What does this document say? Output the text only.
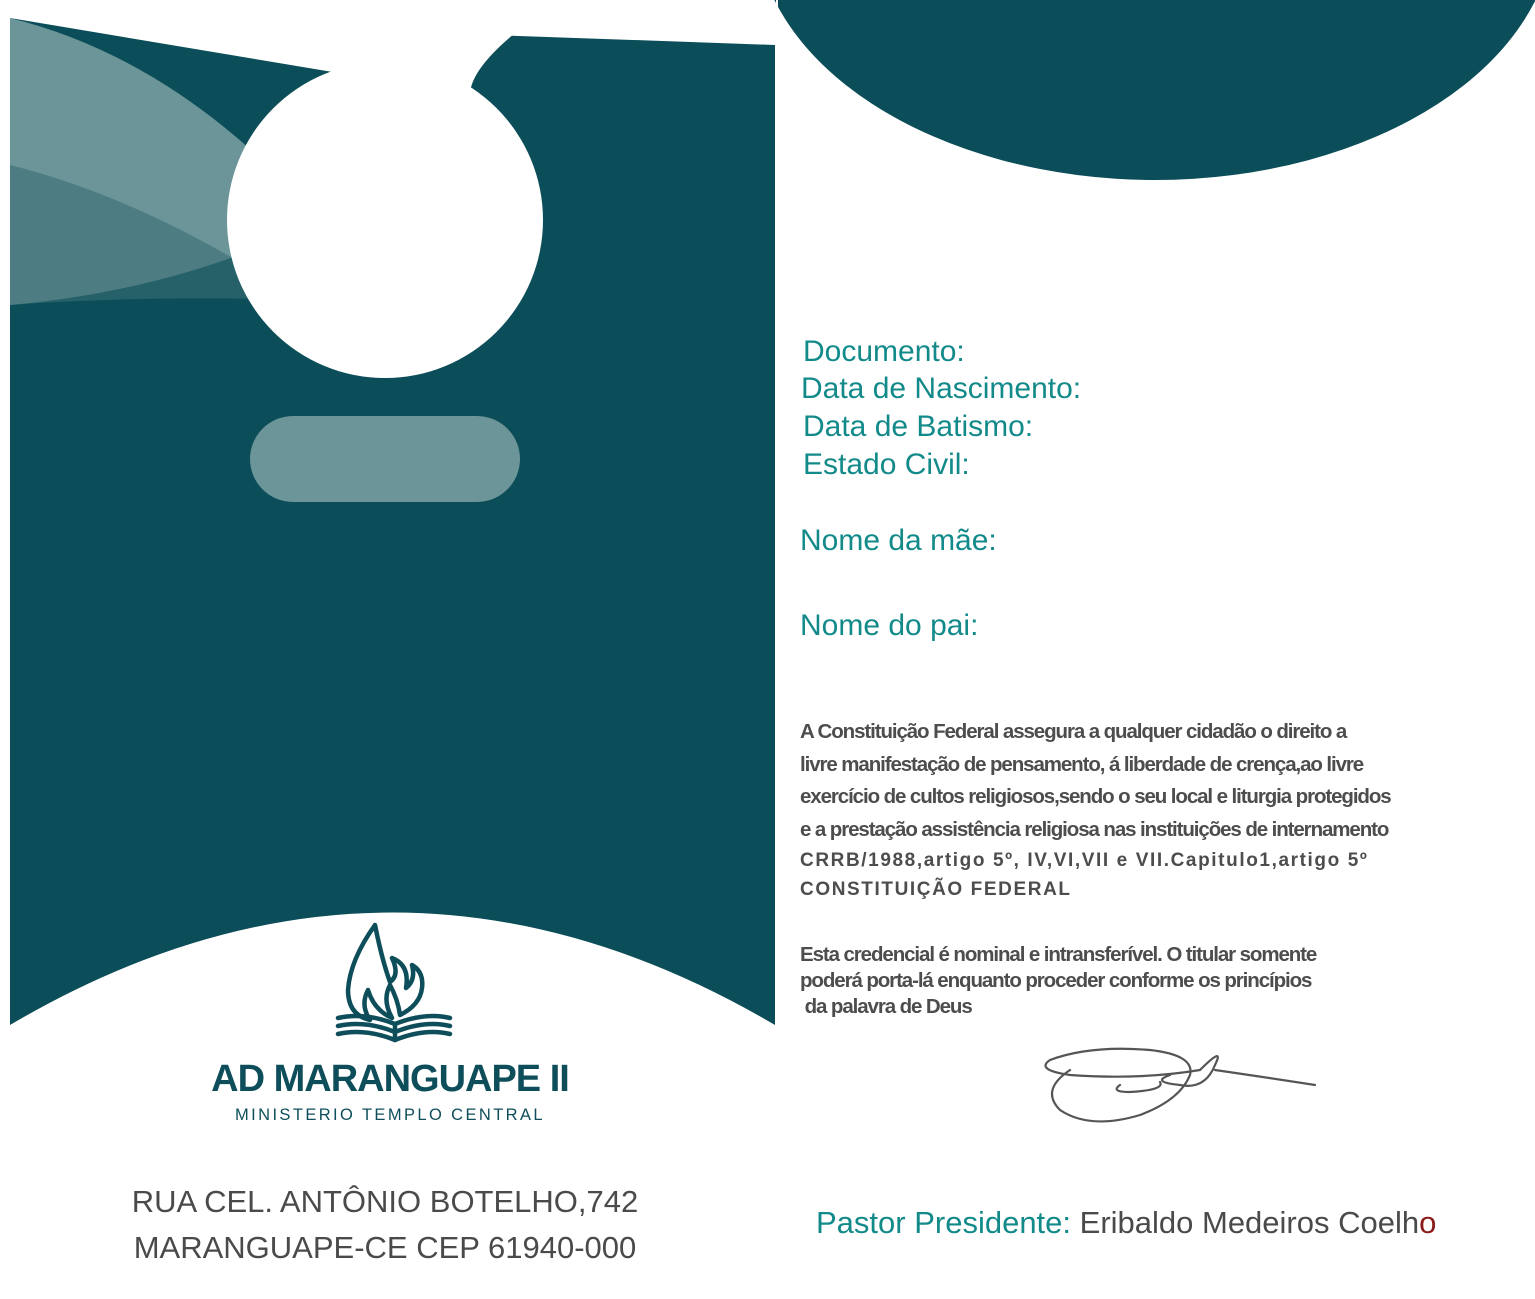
AD MARANGUAPE II
MINISTERIO TEMPLO CENTRAL
RUA CEL. ANTÔNIO BOTELHO,742
MARANGUAPE-CE CEP 61940-000
Documento:
Data de Nascimento:
Data de Batismo:
Estado Civil:
Nome da mãe:
Nome do pai:
A Constituição Federal assegura a qualquer cidadão o direito a
livre manifestação de pensamento, á liberdade de crença,ao livre
exercício de cultos religiosos,sendo o seu local e liturgia protegidos
e a prestação assistência religiosa nas instituições de internamento
CRRB/1988,artigo 5º, IV,VI,VII e VII.Capitulo1,artigo 5º
CONSTITUIÇÃO FEDERAL
Esta credencial é nominal e intransferível. O titular somente
poderá porta-lá enquanto proceder conforme os princípios
da palavra de Deus
Pastor Presidente: Eribaldo Medeiros Coelho
